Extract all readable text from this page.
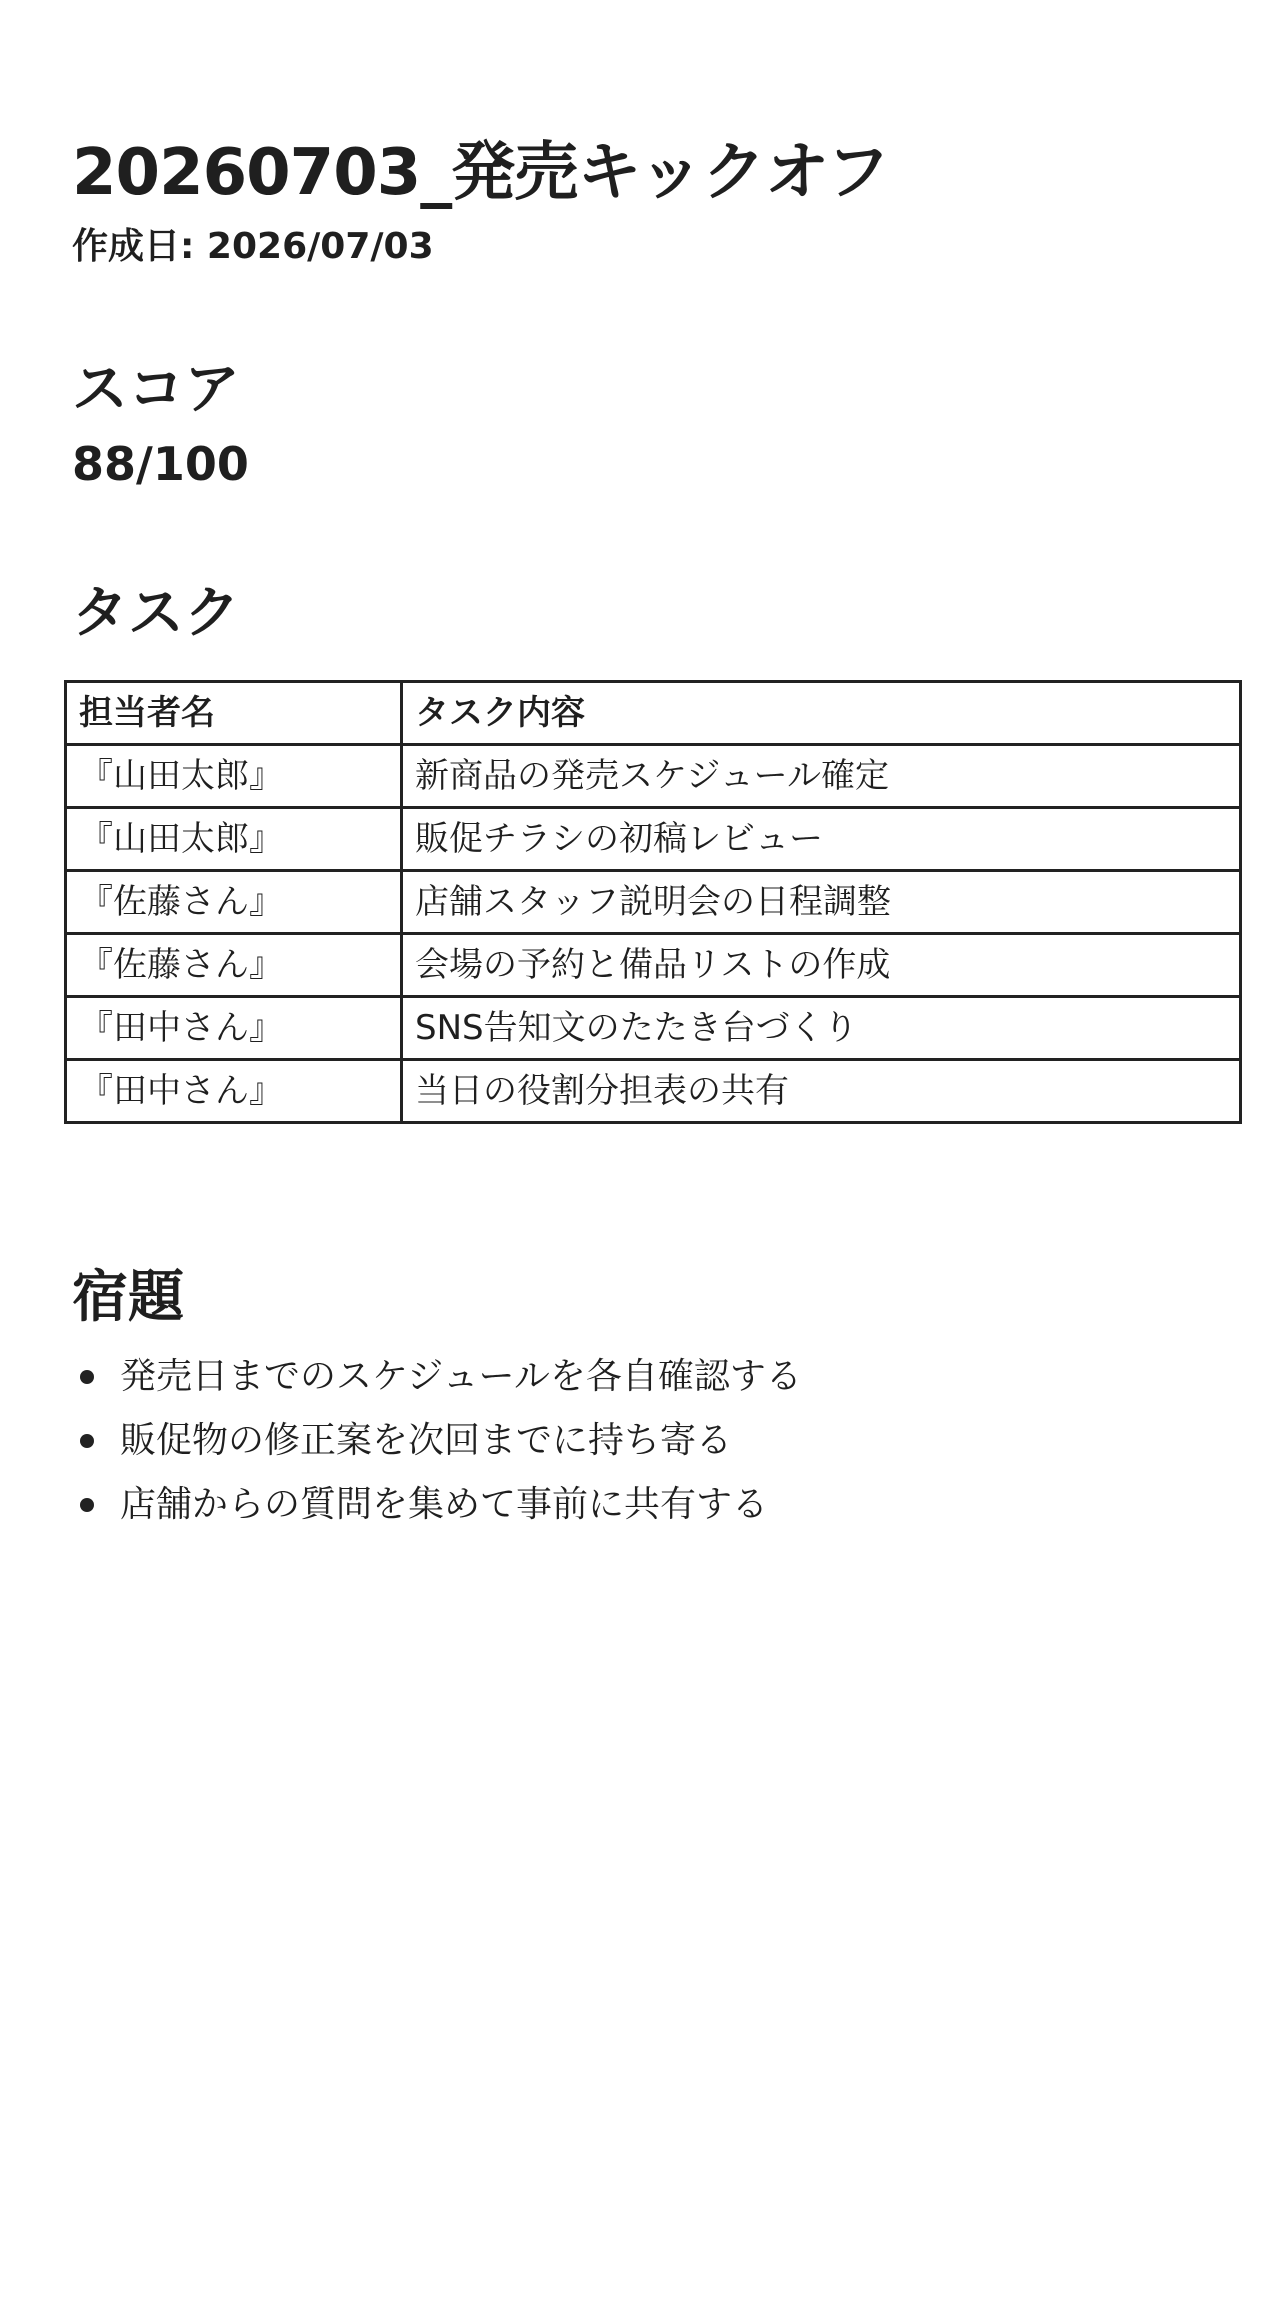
20260703_発売キックオフ
作成日: 2026/07/03
スコア
88/100
タスク
担当者名	タスク内容
『山田太郎』	新商品の発売スケジュール確定
『山田太郎』	販促チラシの初稿レビュー
『佐藤さん』	店舗スタッフ説明会の日程調整
『佐藤さん』	会場の予約と備品リストの作成
『田中さん』	SNS告知文のたたき台づくり
『田中さん』	当日の役割分担表の共有
宿題
発売日までのスケジュールを各自確認する
販促物の修正案を次回までに持ち寄る
店舗からの質問を集めて事前に共有する
